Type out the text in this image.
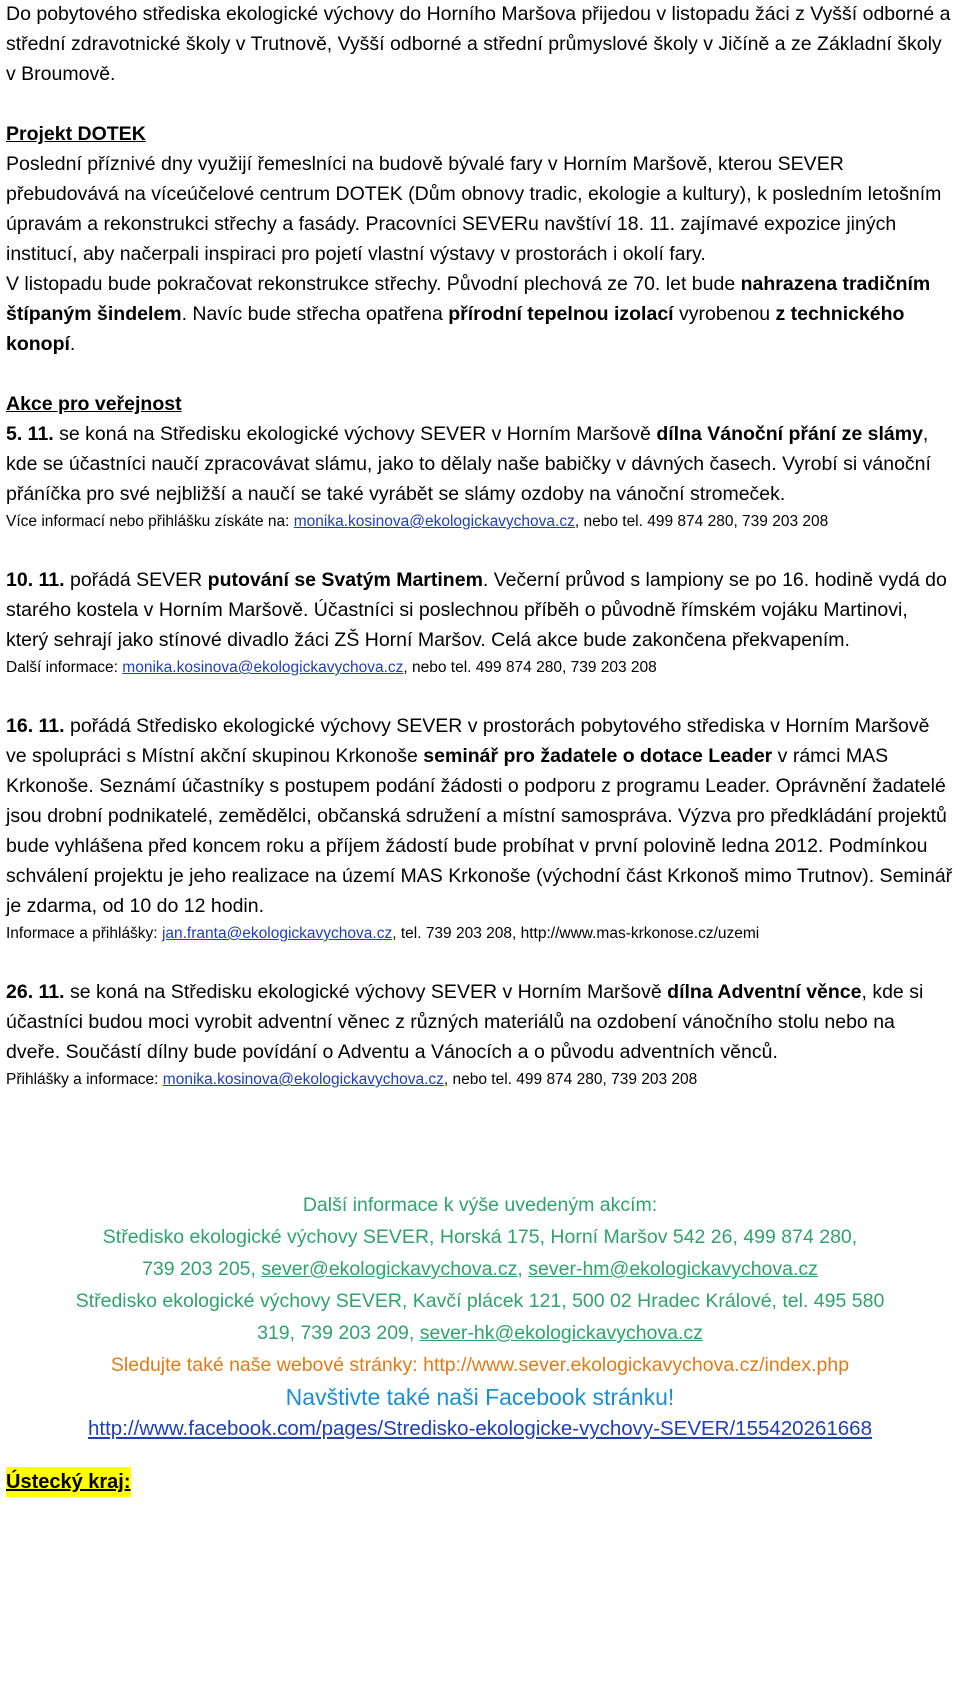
Do pobytového střediska ekologické výchovy do Horního Maršova přijedou v listopadu žáci z Vyšší odborné a střední zdravotnické školy v Trutnově, Vyšší odborné a střední průmyslové školy v Jičíně a ze Základní školy v Broumově.

Projekt DOTEK

Poslední příznivé dny využijí řemeslníci na budově bývalé fary v Horním Maršově, kterou SEVER přebudovává na víceúčelové centrum DOTEK (Dům obnovy tradic, ekologie a kultury), k posledním letošním úpravám a rekonstrukci střechy a fasády. Pracovníci SEVERu navštíví 18. 11. zajímavé expozice jiných institucí, aby načerpali inspiraci pro pojetí vlastní výstavy v prostorách i okolí fary.

V listopadu bude pokračovat rekonstrukce střechy. Původní plechová ze 70. let bude nahrazena tradičním štípaným šindelem. Navíc bude střecha opatřena přírodní tepelnou izolací vyrobenou z technického konopí.

Akce pro veřejnost

5. 11. se koná na Středisku ekologické výchovy SEVER v Horním Maršově dílna Vánoční přání ze slámy, kde se účastníci naučí zpracovávat slámu, jako to dělaly naše babičky v dávných časech. Vyrobí si vánoční přáníčka pro své nejbližší a naučí se také vyrábět se slámy ozdoby na vánoční stromeček.

Více informací nebo přihlášku získáte na: monika.kosinova@ekologickavychova.cz, nebo tel. 499 874 280, 739 203 208

10. 11. pořádá SEVER putování se Svatým Martinem. Večerní průvod s lampiony se po 16. hodině vydá do starého kostela v Horním Maršově. Účastníci si poslechnou příběh o původně římském vojáku Martinovi, který sehrají jako stínové divadlo žáci ZŠ Horní Maršov. Celá akce bude zakončena překvapením.

Další informace: monika.kosinova@ekologickavychova.cz, nebo tel. 499 874 280, 739 203 208

16. 11. pořádá Středisko ekologické výchovy SEVER v prostorách pobytového střediska v Horním Maršově ve spolupráci s Místní akční skupinou Krkonoše seminář pro žadatele o dotace Leader v rámci MAS Krkonoše. Seznámí účastníky s postupem podání žádosti o podporu z programu Leader. Oprávnění žadatelé jsou drobní podnikatelé, zemědělci, občanská sdružení a místní samospráva. Výzva pro předkládání projektů bude vyhlášena před koncem roku a příjem žádostí bude probíhat v první polovině ledna 2012. Podmínkou schválení projektu je jeho realizace na území MAS Krkonoše (východní část Krkonoš mimo Trutnov). Seminář je zdarma, od 10 do 12 hodin.

Informace a přihlášky: jan.franta@ekologickavychova.cz, tel. 739 203 208, http://www.mas-krkonose.cz/uzemi

26. 11. se koná na Středisku ekologické výchovy SEVER v Horním Maršově dílna Adventní věnce, kde si účastníci budou moci vyrobit adventní věnec z různých materiálů na ozdobení vánočního stolu nebo na dveře. Součástí dílny bude povídání o Adventu a Vánocích a o původu adventních věnců.

Přihlášky a informace: monika.kosinova@ekologickavychova.cz, nebo tel. 499 874 280, 739 203 208

Další informace k výše uvedeným akcím:
Středisko ekologické výchovy SEVER, Horská 175, Horní Maršov 542 26, 499 874 280,
739 203 205, sever@ekologickavychova.cz, sever-hm@ekologickavychova.cz
Středisko ekologické výchovy SEVER, Kavčí plácek 121, 500 02 Hradec Králové, tel. 495 580
319, 739 203 209, sever-hk@ekologickavychova.cz
Sledujte také naše webové stránky: http://www.sever.ekologickavychova.cz/index.php
Navštivte také naši Facebook stránku!
http://www.facebook.com/pages/Stredisko-ekologicke-vychovy-SEVER/155420261668
Ústecký kraj:
